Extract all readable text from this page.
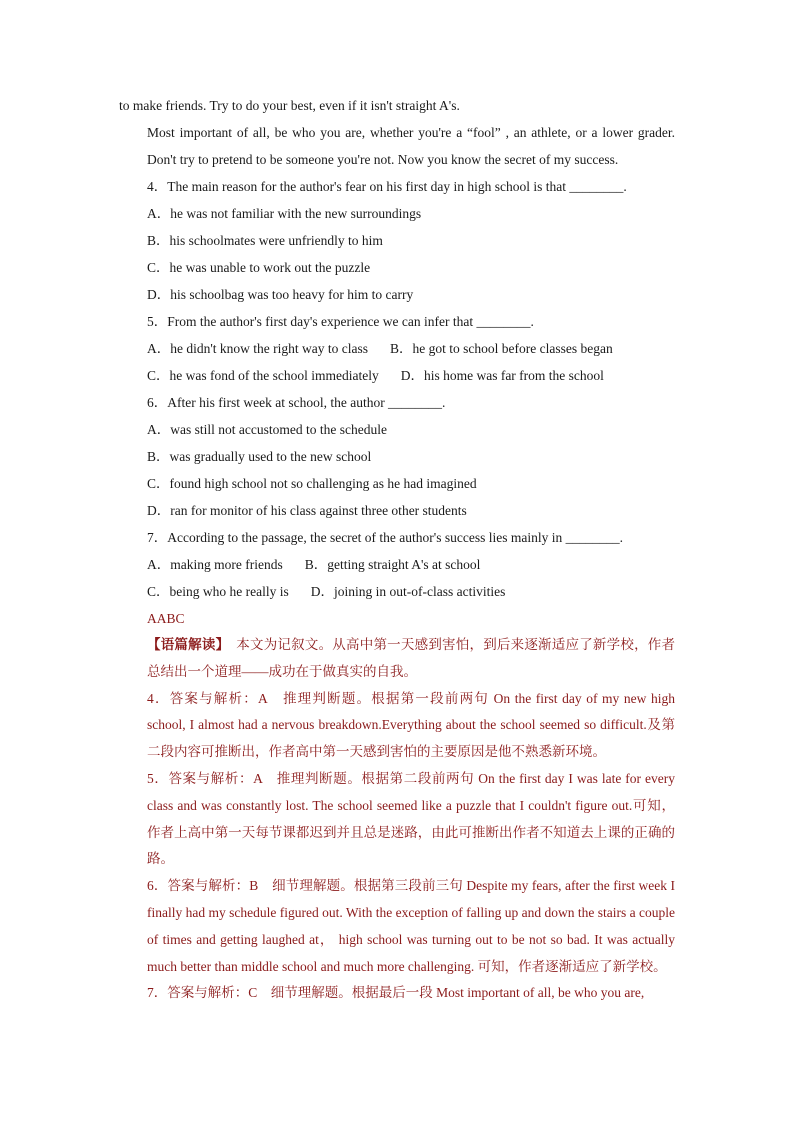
to make friends. Try to do your best, even if it isn't straight A's.

Most important of all, be who you are, whether you're a “fool” , an athlete, or a lower grader. Don't try to pretend to be someone you're not. Now you know the secret of my success.

4．The main reason for the author's fear on his first day in high school is that ________.

A．he was not familiar with the new surroundings

B．his schoolmates were unfriendly to him

C．he was unable to work out the puzzle

D．his schoolbag was too heavy for him to carry

5．From the author's first day's experience we can infer that ________.

A．he didn't know the right way to class B．he got to school before classes began

C．he was fond of the school immediately D．his home was far from the school

6．After his first week at school, the author ________.

A．was still not accustomed to the schedule

B．was gradually used to the new school

C．found high school not so challenging as he had imagined

D．ran for monitor of his class against three other students

7．According to the passage, the secret of the author's success lies mainly in ________.

A．making more friends B．getting straight A's at school

C．being who he really is D．joining in out-of-class activities

AABC

【语篇解读】　 本文为记叙文。从高中第一天感到害怕，到后来逐渐适应了新学校，作者总结出一个道理——成功在于做真实的自我。

4．答案与解析：A　推理判断题。根据第一段前两句 On the first day of my new high school, I almost had a nervous breakdown.Everything about the school seemed so difficult.及第二段内容可推断出，作者高中第一天感到害怕的主要原因是他不熟悉新环境。

5．答案与解析：A　推理判断题。根据第二段前两句 On the first day I was late for every class and was constantly lost. The school seemed like a puzzle that I couldn't figure out.可知，作者上高中第一天每节课都迟到并且总是迷路，由此可推断出作者不知道去上课的正确的路。

6．答案与解析：B　细节理解题。根据第三段前三句 Despite my fears, after the first week I finally had my schedule figured out. With the exception of falling up and down the stairs a couple of times and getting laughed at， high school was turning out to be not so bad. It was actually much better than middle school and much more challenging. 可知，作者逐渐适应了新学校。

7．答案与解析：C　细节理解题。根据最后一段 Most important of all, be who you are,
